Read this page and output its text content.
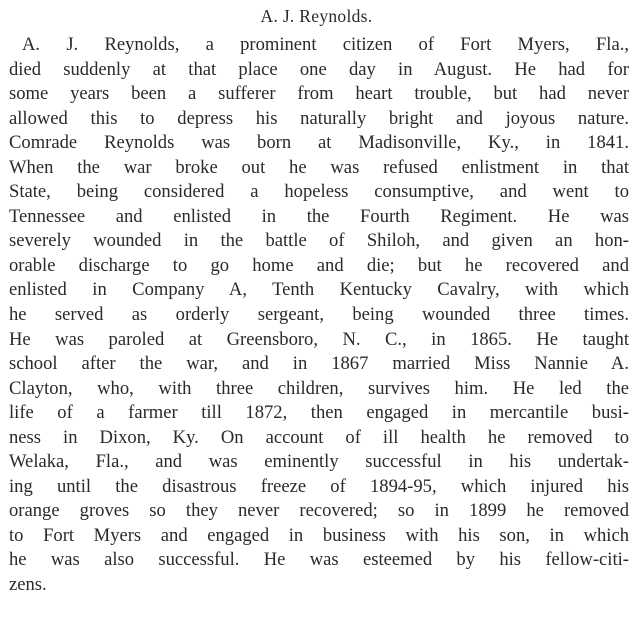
A. J. Reynolds.
A. J. Reynolds, a prominent citizen of Fort Myers, Fla.,
died suddenly at that place one day in August. He had for
some years been a sufferer from heart trouble, but had never
allowed this to depress his naturally bright and joyous nature.
Comrade Reynolds was born at Madisonville, Ky., in 1841.
When the war broke out he was refused enlistment in that
State, being considered a hopeless consumptive, and went to
Tennessee and enlisted in the Fourth Regiment. He was
severely wounded in the battle of Shiloh, and given an hon-
orable discharge to go home and die; but he recovered and
enlisted in Company A, Tenth Kentucky Cavalry, with which
he served as orderly sergeant, being wounded three times.
He was paroled at Greensboro, N. C., in 1865. He taught
school after the war, and in 1867 married Miss Nannie A.
Clayton, who, with three children, survives him. He led the
life of a farmer till 1872, then engaged in mercantile busi-
ness in Dixon, Ky. On account of ill health he removed to
Welaka, Fla., and was eminently successful in his undertak-
ing until the disastrous freeze of 1894-95, which injured his
orange groves so they never recovered; so in 1899 he removed
to Fort Myers and engaged in business with his son, in which
he was also successful. He was esteemed by his fellow-citi-
zens.
